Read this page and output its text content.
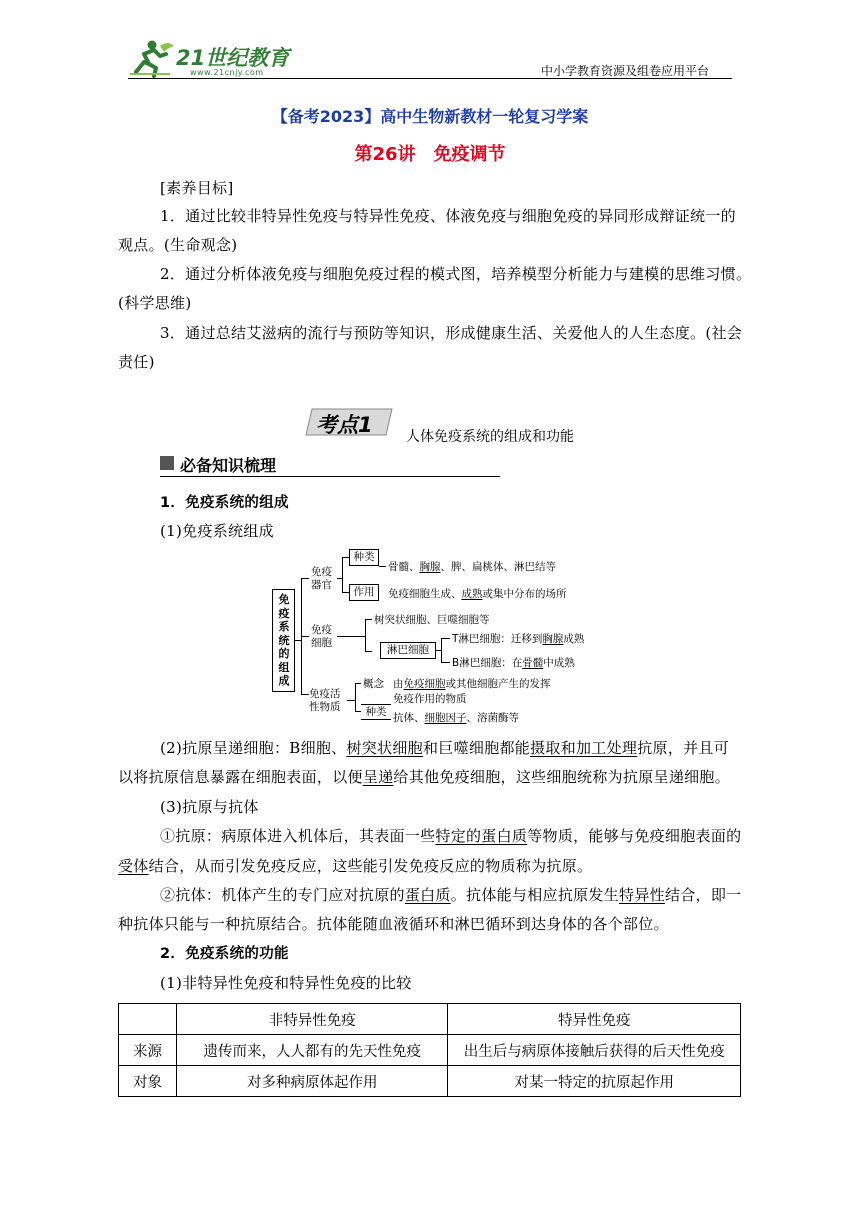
21世纪教育
www.21cnjy.com	中小学教育资源及组卷应用平台
【备考2023】高中生物新教材一轮复习学案
第26讲　免疫调节
[素养目标]
1．通过比较非特异性免疫与特异性免疫、体液免疫与细胞免疫的异同形成辩证统一的
观点。(生命观念)
2．通过分析体液免疫与细胞免疫过程的模式图，培养模型分析能力与建模的思维习惯。
(科学思维)
3．通过总结艾滋病的流行与预防等知识，形成健康生活、关爱他人的人生态度。(社会
责任)
考点1 人体免疫系统的组成和功能
必备知识梳理
1．免疫系统的组成
(1)免疫系统组成
免疫系统的组成
免疫
器官
种类
作用
骨髓、胸腺、脾、扁桃体、淋巴结等
免疫细胞生成、成熟或集中分布的场所
免疫
细胞
树突状细胞、巨噬细胞等
淋巴细胞
T淋巴细胞：迁移到胸腺成熟
B淋巴细胞：在骨髓中成熟
免疫活
性物质
概念 由免疫细胞或其他细胞产生的发挥
免疫作用的物质
种类 抗体、细胞因子、溶菌酶等
(2)抗原呈递细胞：B细胞、树突状细胞和巨噬细胞都能摄取和加工处理抗原，并且可
以将抗原信息暴露在细胞表面，以便呈递给其他免疫细胞，这些细胞统称为抗原呈递细胞。
(3)抗原与抗体
①抗原：病原体进入机体后，其表面一些特定的蛋白质等物质，能够与免疫细胞表面的
受体结合，从而引发免疫反应，这些能引发免疫反应的物质称为抗原。
②抗体：机体产生的专门应对抗原的蛋白质。抗体能与相应抗原发生特异性结合，即一
种抗体只能与一种抗原结合。抗体能随血液循环和淋巴循环到达身体的各个部位。
2．免疫系统的功能
(1)非特异性免疫和特异性免疫的比较
	非特异性免疫	特异性免疫
来源	遗传而来，人人都有的先天性免疫	出生后与病原体接触后获得的后天性免疫
对象	对多种病原体起作用	对某一特定的抗原起作用
